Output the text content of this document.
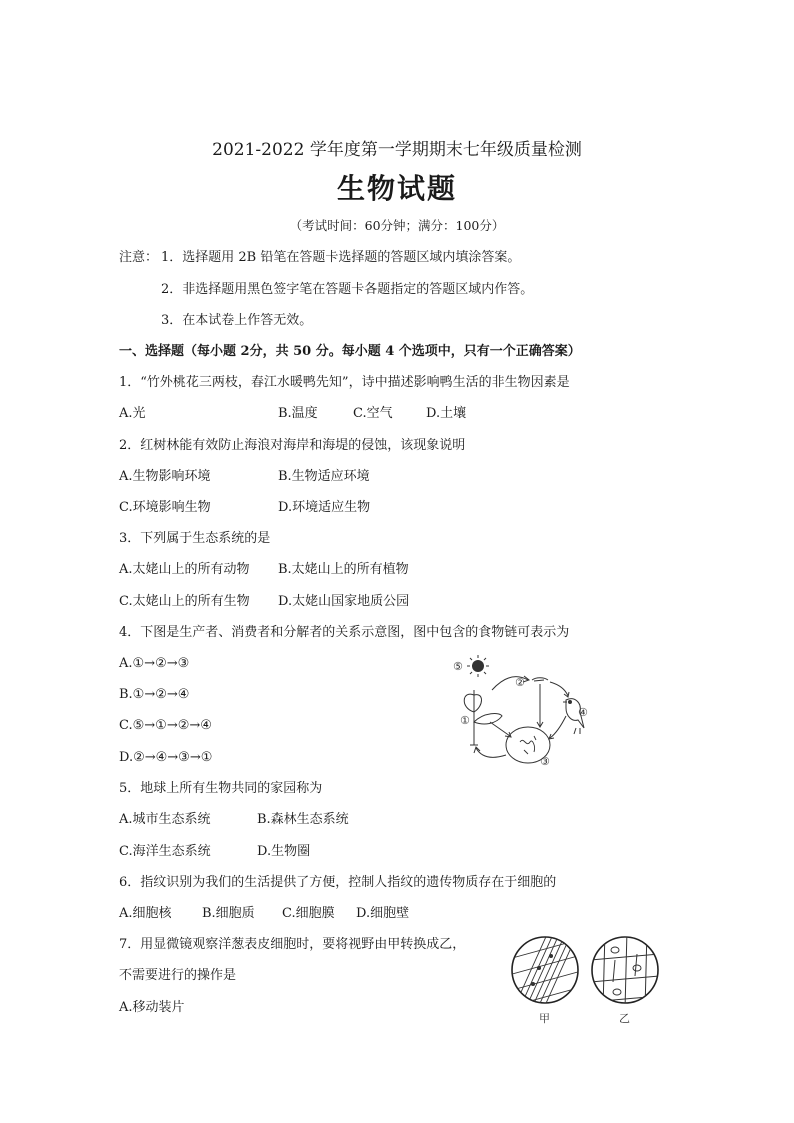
2021-2022 学年度第一学期期末七年级质量检测
生物试题
（考试时间：60分钟；满分：100分）
注意： 1．选择题用 2B 铅笔在答题卡选择题的答题区域内填涂答案。
2．非选择题用黑色签字笔在答题卡各题指定的答题区域内作答。
3．在本试卷上作答无效。
一、选择题（每小题 2分，共 50 分。每小题 4 个选项中，只有一个正确答案）
1．“竹外桃花三两枝，春江水暖鸭先知”，诗中描述影响鸭生活的非生物因素是
A.光	B.温度	C.空气	D.土壤
2．红树林能有效防止海浪对海岸和海堤的侵蚀，该现象说明
A.生物影响环境	B.生物适应环境
C.环境影响生物	D.环境适应生物
3．下列属于生态系统的是
A.太姥山上的所有动物 B.太姥山上的所有植物
C.太姥山上的所有生物 D.太姥山国家地质公园
4．下图是生产者、消费者和分解者的关系示意图，图中包含的食物链可表示为
A.①→②→③
B.①→②→④
C.⑤→①→②→④
D.②→④→③→①
⑤
②
①
④
③
5．地球上所有生物共同的家园称为
A.城市生态系统	B.森林生态系统
C.海洋生态系统	D.生物圈
6．指纹识别为我们的生活提供了方便，控制人指纹的遗传物质存在于细胞的
A.细胞核 B.细胞质 C.细胞膜 D.细胞壁
7．用显微镜观察洋葱表皮细胞时，要将视野由甲转换成乙，
不需要进行的操作是
A.移动装片
甲	乙
